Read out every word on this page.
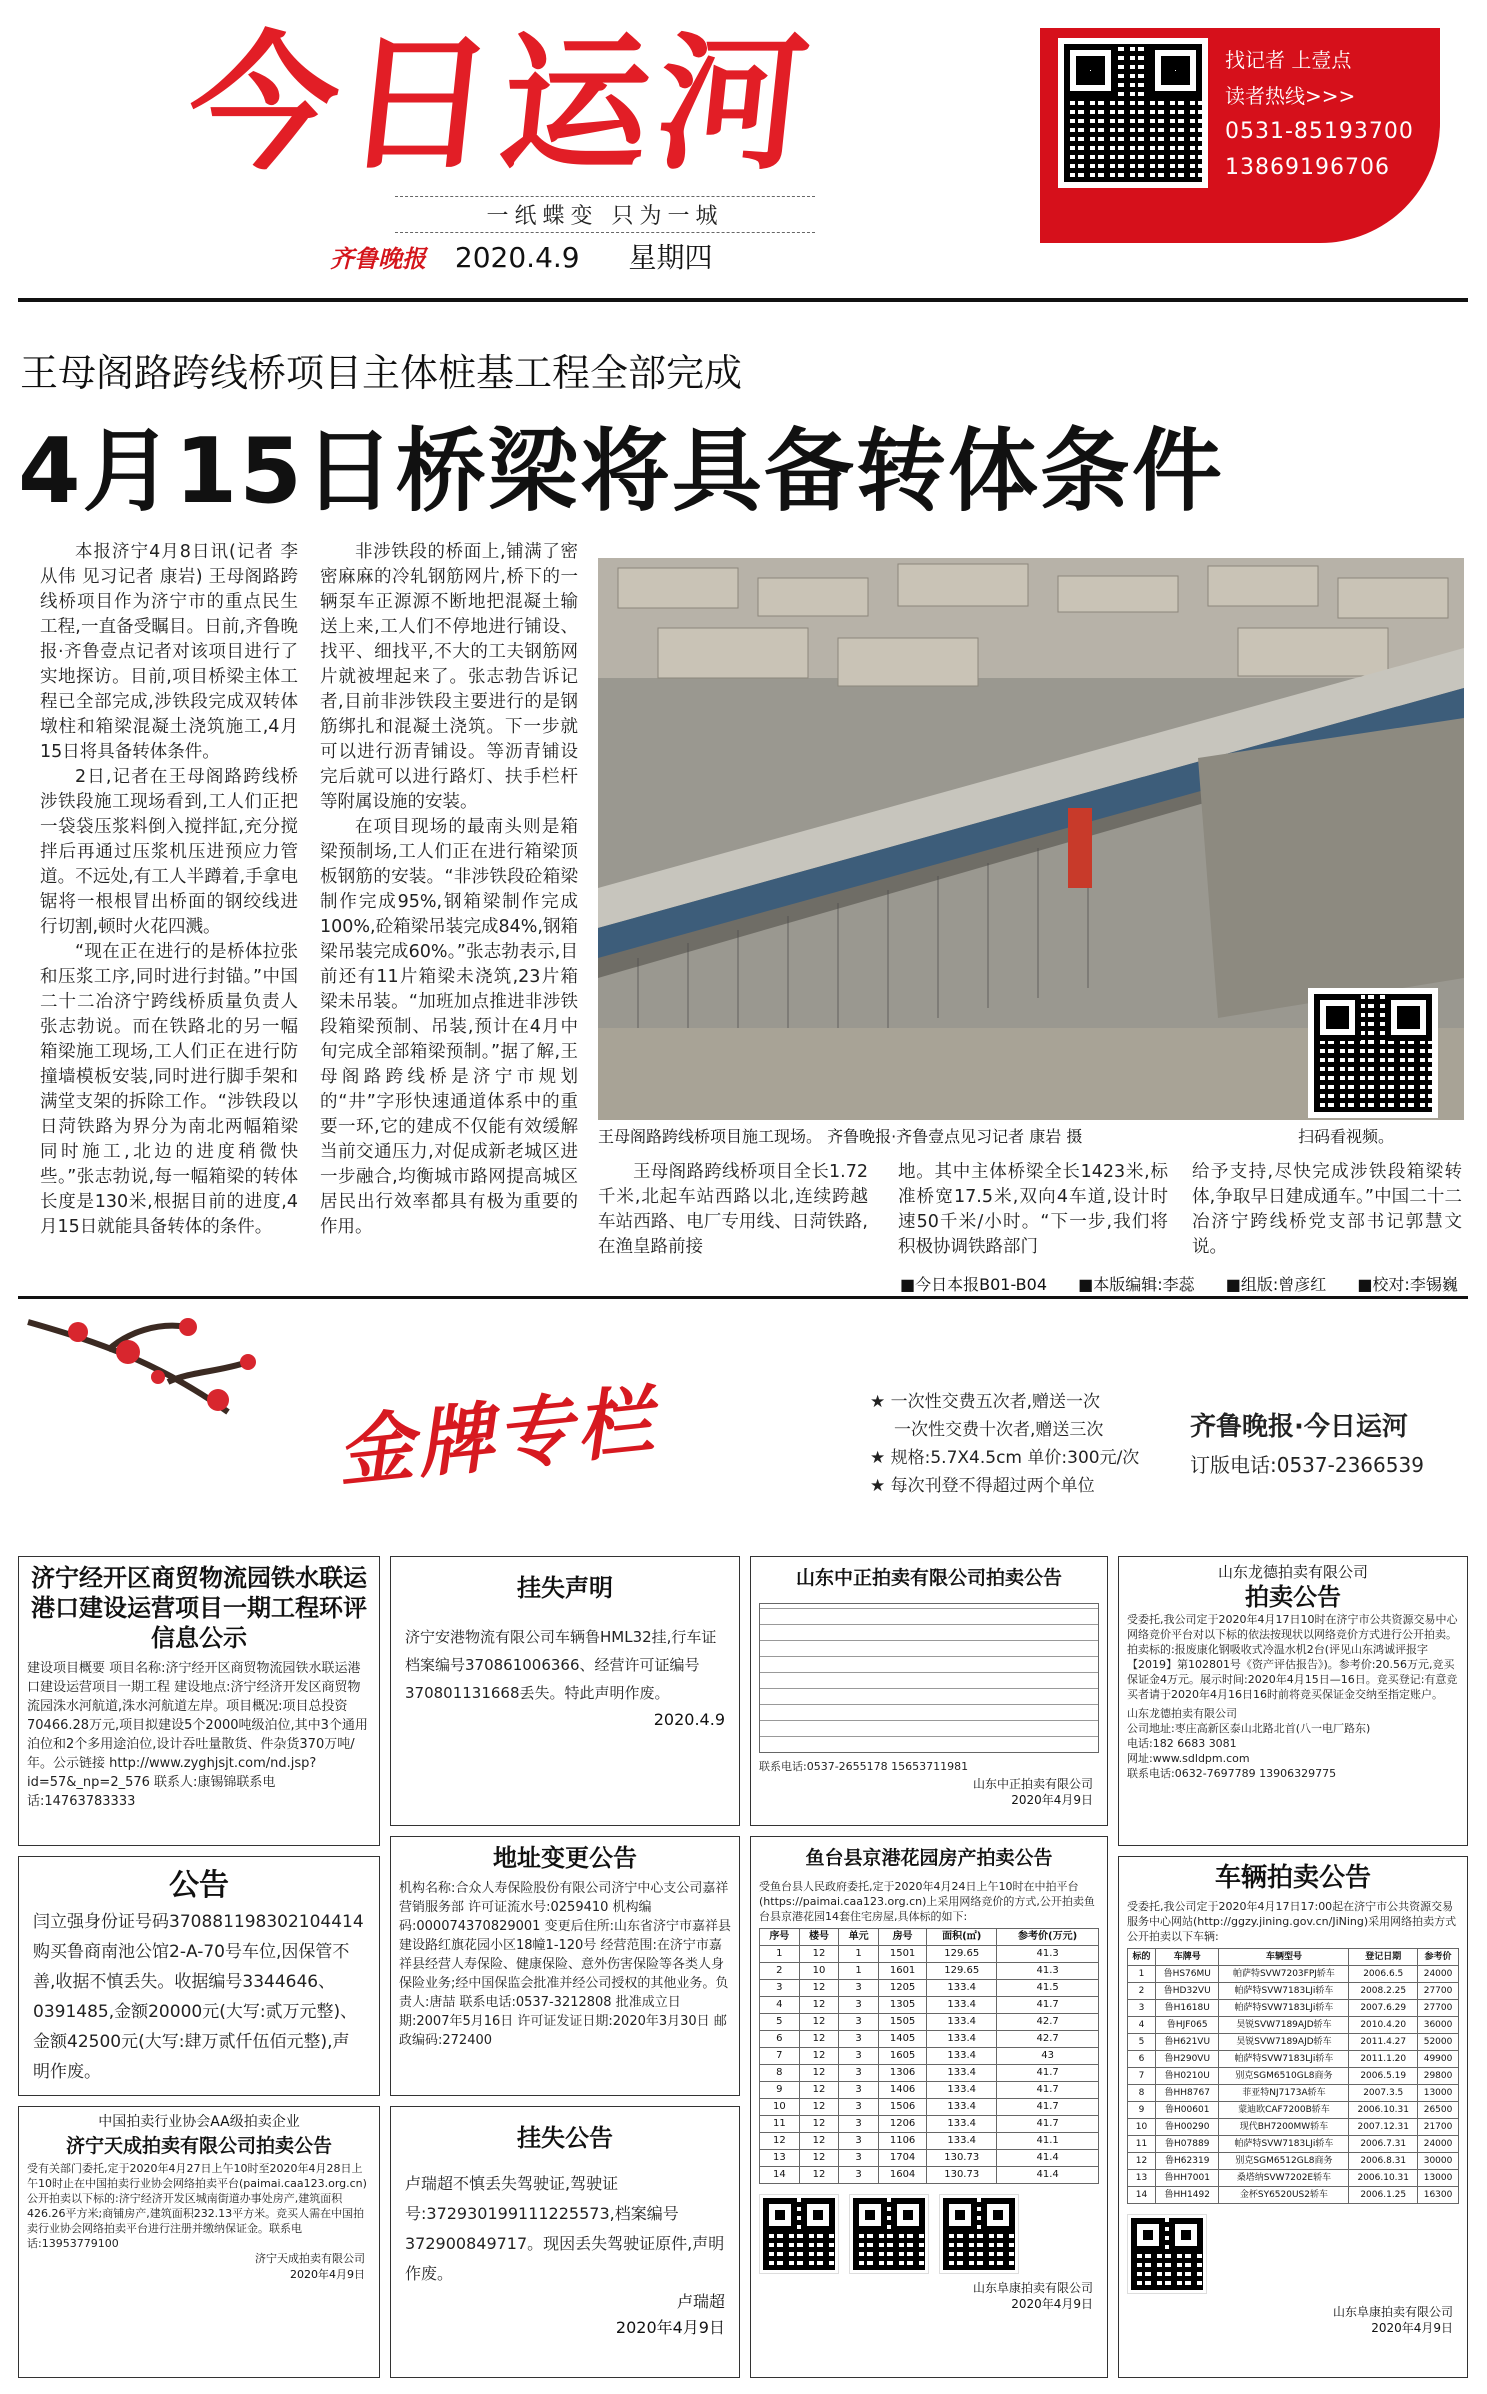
今日运河
一纸蝶变 只为一城
齐鲁晚报 2020.4.9 星期四
找记者 上壹点
读者热线>>>
0531-85193700
13869196706
王母阁路跨线桥项目主体桩基工程全部完成
4月15日桥梁将具备转体条件

本报济宁4月8日讯(记者 李从伟 见习记者 康岩) 王母阁路跨线桥项目作为济宁市的重点民生工程,一直备受瞩目。日前,齐鲁晚报·齐鲁壹点记者对该项目进行了实地探访。目前,项目桥梁主体工程已全部完成,涉铁段完成双转体墩柱和箱梁混凝土浇筑施工,4月15日将具备转体条件。

2日,记者在王母阁路跨线桥涉铁段施工现场看到,工人们正把一袋袋压浆料倒入搅拌缸,充分搅拌后再通过压浆机压进预应力管道。不远处,有工人半蹲着,手拿电锯将一根根冒出桥面的钢绞线进行切割,顿时火花四溅。

“现在正在进行的是桥体拉张和压浆工序,同时进行封锚。”中国二十二冶济宁跨线桥质量负责人张志勃说。而在铁路北的另一幅箱梁施工现场,工人们正在进行防撞墙模板安装,同时进行脚手架和满堂支架的拆除工作。“涉铁段以日菏铁路为界分为南北两幅箱梁同时施工,北边的进度稍微快些。”张志勃说,每一幅箱梁的转体长度是130米,根据目前的进度,4月15日就能具备转体的条件。

非涉铁段的桥面上,铺满了密密麻麻的冷轧钢筋网片,桥下的一辆泵车正源源不断地把混凝土输送上来,工人们不停地进行铺设、找平、细找平,不大的工夫钢筋网片就被埋起来了。张志勃告诉记者,目前非涉铁段主要进行的是钢筋绑扎和混凝土浇筑。下一步就可以进行沥青铺设。等沥青铺设完后就可以进行路灯、扶手栏杆等附属设施的安装。

在项目现场的最南头则是箱梁预制场,工人们正在进行箱梁顶板钢筋的安装。“非涉铁段砼箱梁制作完成95%,钢箱梁制作完成100%,砼箱梁吊装完成84%,钢箱梁吊装完成60%。”张志勃表示,目前还有11片箱梁未浇筑,23片箱梁未吊装。“加班加点推进非涉铁段箱梁预制、吊装,预计在4月中旬完成全部箱梁预制。”据了解,王母阁路跨线桥是济宁市规划的“井”字形快速通道体系中的重要一环,它的建成不仅能有效缓解当前交通压力,对促成新老城区进一步融合,均衡城市路网提高城区居民出行效率都具有极为重要的作用。

王母阁路跨线桥项目施工现场。 齐鲁晚报·齐鲁壹点见习记者 康岩 摄	扫码看视频。

王母阁路跨线桥项目全长1.72千米,北起车站西路以北,连续跨越车站西路、电厂专用线、日菏铁路,在渔皇路前接

地。其中主体桥梁全长1423米,标准桥宽17.5米,双向4车道,设计时速50千米/小时。“下一步,我们将积极协调铁路部门

给予支持,尽快完成涉铁段箱梁转体,争取早日建成通车。”中国二十二冶济宁跨线桥党支部书记郭慧文说。

■今日本报B01-B04 ■本版编辑:李蕊 ■组版:曾彦红 ■校对:李锡巍
金牌专栏	★ 一次性交费五次者,赠送一次
一次性交费十次者,赠送三次
★ 规格:5.7X4.5cm 单价:300元/次
★ 每次刊登不得超过两个单位
齐鲁晚报·今日运河
订版电话:0537-2366539
济宁经开区商贸物流园铁水联运港口建设运营项目一期工程环评信息公示
建设项目概要 项目名称:济宁经开区商贸物流园铁水联运港口建设运营项目一期工程 建设地点:济宁经济开发区商贸物流园洙水河航道,洙水河航道左岸。项目概况:项目总投资70466.28万元,项目拟建设5个2000吨级泊位,其中3个通用泊位和2个多用途泊位,设计吞吐量散货、件杂货370万吨/年。公示链接 http://www.zyghjsjt.com/nd.jsp?id=57&_np=2_576 联系人:康锡锦联系电话:14763783333
公告
闫立强身份证号码370881198302104414购买鲁商南池公馆2-A-70号车位,因保管不善,收据不慎丢失。收据编号3344646、0391485,金额20000元(大写:贰万元整)、金额42500元(大写:肆万贰仟伍佰元整),声明作废。
中国拍卖行业协会AA级拍卖企业
济宁天成拍卖有限公司拍卖公告
受有关部门委托,定于2020年4月27日上午10时至2020年4月28日上午10时止在中国拍卖行业协会网络拍卖平台(paimai.caa123.org.cn)公开拍卖以下标的:济宁经济开发区城南街道办事处房产,建筑面积426.26平方米;商铺房产,建筑面积232.13平方米。竞买人需在中国拍卖行业协会网络拍卖平台进行注册并缴纳保证金。联系电话:13953779100
济宁天成拍卖有限公司
2020年4月9日
挂失声明
济宁安港物流有限公司车辆鲁HML32挂,行车证档案编号370861006366、经营许可证编号370801131668丢失。特此声明作废。
2020.4.9
地址变更公告
机构名称:合众人寿保险股份有限公司济宁中心支公司嘉祥营销服务部 许可证流水号:0259410 机构编码:000074370829001 变更后住所:山东省济宁市嘉祥县建设路红旗花园小区18幢1-120号 经营范围:在济宁市嘉祥县经营人寿保险、健康保险、意外伤害保险等各类人身保险业务;经中国保监会批准并经公司授权的其他业务。负责人:唐喆 联系电话:0537-3212808 批准成立日期:2007年5月16日 许可证发证日期:2020年3月30日 邮政编码:272400
挂失公告
卢瑞超不慎丢失驾驶证,驾驶证号:372930199111225573,档案编号372900849717。现因丢失驾驶证原件,声明作废。
卢瑞超
2020年4月9日
山东中正拍卖有限公司拍卖公告
联系电话:0537-2655178 15653711981
山东中正拍卖有限公司
2020年4月9日
鱼台县京港花园房产拍卖公告
受鱼台县人民政府委托,定于2020年4月24日上午10时在中拍平台(https://paimai.caa123.org.cn)上采用网络竞价的方式,公开拍卖鱼台县京港花园14套住宅房屋,具体标的如下:
序号	楼号	单元	房号	面积(㎡)	参考价(万元)
1	12	1	1501	129.65	41.3
2	10	1	1601	129.65	41.3
3	12	3	1205	133.4	41.5
4	12	3	1305	133.4	41.7
5	12	3	1505	133.4	42.7
6	12	3	1405	133.4	42.7
7	12	3	1605	133.4	43
8	12	3	1306	133.4	41.7
9	12	3	1406	133.4	41.7
10	12	3	1506	133.4	41.7
11	12	3	1206	133.4	41.7
12	12	3	1106	133.4	41.1
13	12	3	1704	130.73	41.4
14	12	3	1604	130.73	41.4
山东阜康拍卖有限公司
2020年4月9日
山东龙德拍卖有限公司
拍卖公告
受委托,我公司定于2020年4月17日10时在济宁市公共资源交易中心网络竞价平台对以下标的依法按现状以网络竞价方式进行公开拍卖。拍卖标的:报废康化钢吸收式冷温水机2台(评见山东鸿诚评报字【2019】第102801号《资产评估报告》)。参考价:20.56万元,竞买保证金4万元。展示时间:2020年4月15日—16日。竞买登记:有意竞买者请于2020年4月16日16时前将竞买保证金交纳至指定账户。
山东龙德拍卖有限公司
公司地址:枣庄高新区泰山北路北首(八一电厂路东)
电话:182 6683 3081
网址:www.sdldpm.com
联系电话:0632-7697789 13906329775
车辆拍卖公告
受委托,我公司定于2020年4月17日17:00起在济宁市公共资源交易服务中心网站(http://ggzy.jining.gov.cn/JiNing)采用网络拍卖方式公开拍卖以下车辆:
标的	车牌号	车辆型号	登记日期	参考价
1	鲁HS76MU	帕萨特SVW7203FPJ轿车	2006.6.5	24000
2	鲁HD32VU	帕萨特SVW7183LJi轿车	2008.2.25	27700
3	鲁H1618U	帕萨特SVW7183LJi轿车	2007.6.29	27700
4	鲁HJF065	昊锐SVW7189AJD轿车	2010.4.20	36000
5	鲁H621VU	昊锐SVW7189AJD轿车	2011.4.27	52000
6	鲁H290VU	帕萨特SVW7183LJi轿车	2011.1.20	49900
7	鲁H0210U	别克SGM6510GL8商务	2006.5.19	29800
8	鲁HH8767	菲亚特NJ7173A轿车	2007.3.5	13000
9	鲁H00601	蒙迪欧CAF7200B轿车	2006.10.31	26500
10	鲁H00290	现代BH7200MW轿车	2007.12.31	21700
11	鲁H07889	帕萨特SVW7183LJi轿车	2006.7.31	24000
12	鲁H62319	别克SGM6512GL8商务	2006.8.31	30000
13	鲁HH7001	桑塔纳SVW7202E轿车	2006.10.31	13000
14	鲁HH1492	金杯SY6520US2轿车	2006.1.25	16300
山东阜康拍卖有限公司
2020年4月9日
